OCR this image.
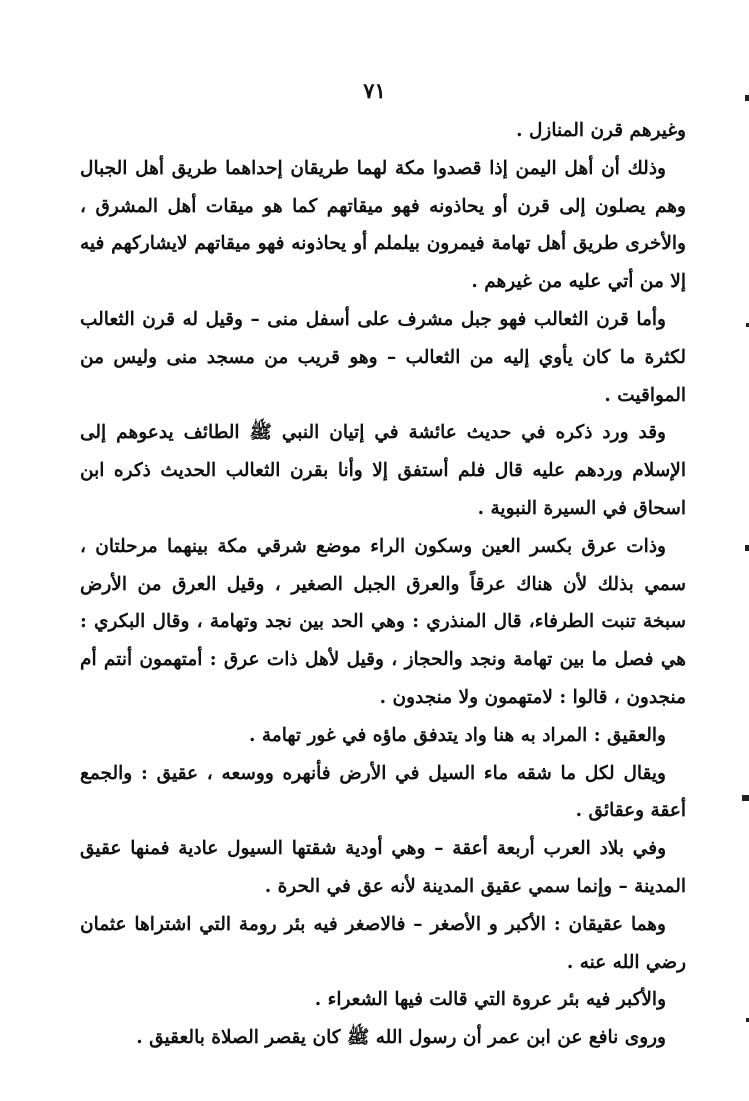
٧١

وغيرهم قرن المنازل .

وذلك أن أهل اليمن إذا قصدوا مكة لهما طريقان إحداهما طريق أهل الجبال وهم يصلون إلى قرن أو يحاذونه فهو ميقاتهم كما هو ميقات أهل المشرق ، والأخرى طريق أهل تهامة فيمرون بيلملم أو يحاذونه فهو ميقاتهم لايشاركهم فيه إلا من أتي عليه من غيرهم .

وأما قرن الثعالب فهو جبل مشرف على أسفل منى – وقيل له قرن الثعالب لكثرة ما كان يأوي إليه من الثعالب – وهو قريب من مسجد منى وليس من المواقيت .

وقد ورد ذكره في حديث عائشة في إتيان النبي ﷺ الطائف يدعوهم إلى الإسلام وردهم عليه قال فلم أستفق إلا وأنا بقرن الثعالب الحديث ذكره ابن اسحاق في السيرة النبوية .

وذات عرق بكسر العين وسكون الراء موضع شرقي مكة بينهما مرحلتان ، سمي بذلك لأن هناك عرقاً والعرق الجبل الصغير ، وقيل العرق من الأرض سبخة تنبت الطرفاء، قال المنذري : وهي الحد بين نجد وتهامة ، وقال البكري : هي فصل ما بين تهامة ونجد والحجاز ، وقيل لأهل ذات عرق : أمتهمون أنتم أم منجدون ، قالوا : لامتهمون ولا منجدون .

والعقيق : المراد به هنا واد يتدفق ماؤه في غور تهامة .

ويقال لكل ما شقه ماء السيل في الأرض فأنهره ووسعه ، عقيق : والجمع أعقة وعقائق .

وفي بلاد العرب أربعة أعقة – وهي أودية شقتها السيول عادية فمنها عقيق المدينة – وإنما سمي عقيق المدينة لأنه عق في الحرة .

وهما عقيقان : الأكبر و الأصغر – فالاصغر فيه بئر رومة التي اشتراها عثمان رضي الله عنه .

والأكبر فيه بئر عروة التي قالت فيها الشعراء .

وروى نافع عن ابن عمر أن رسول الله ﷺ كان يقصر الصلاة بالعقيق .
